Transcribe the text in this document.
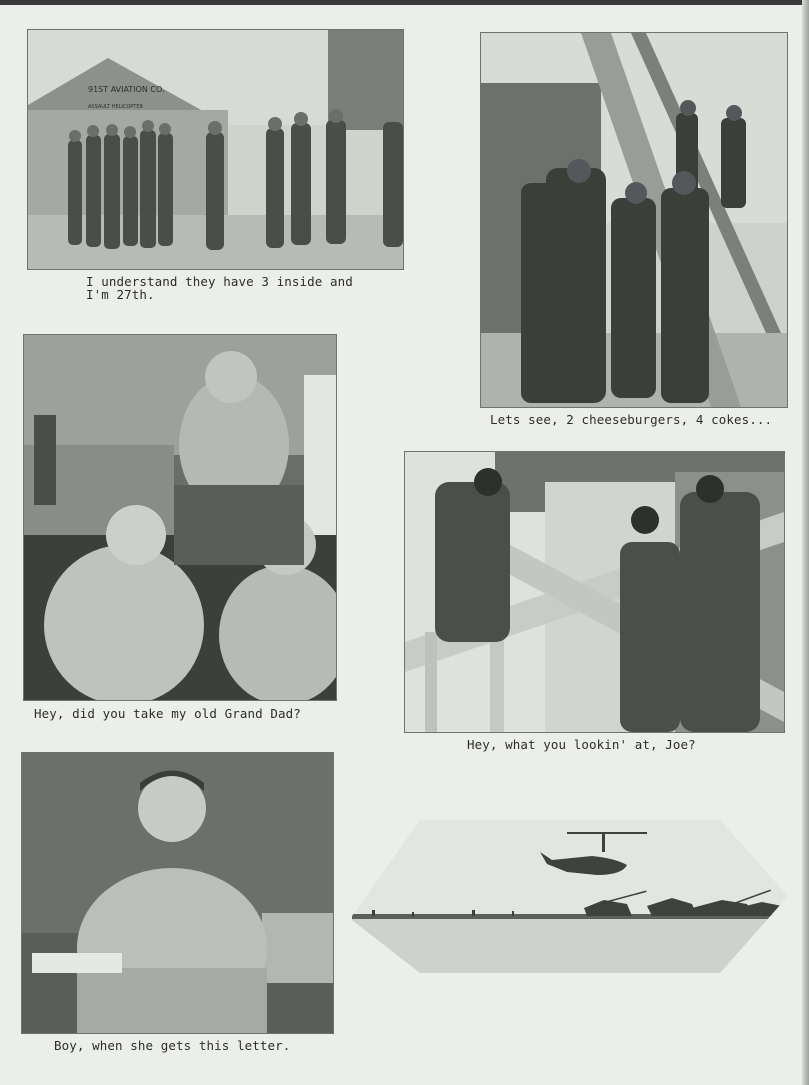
91ST AVIATION CO.
ASSAULT HELICOPTER
I understand they have 3 inside and
I'm 27th.
Lets see, 2 cheeseburgers, 4 cokes...
Hey, did you take my old Grand Dad?
Hey, what you lookin' at, Joe?
Boy, when she gets this letter.
